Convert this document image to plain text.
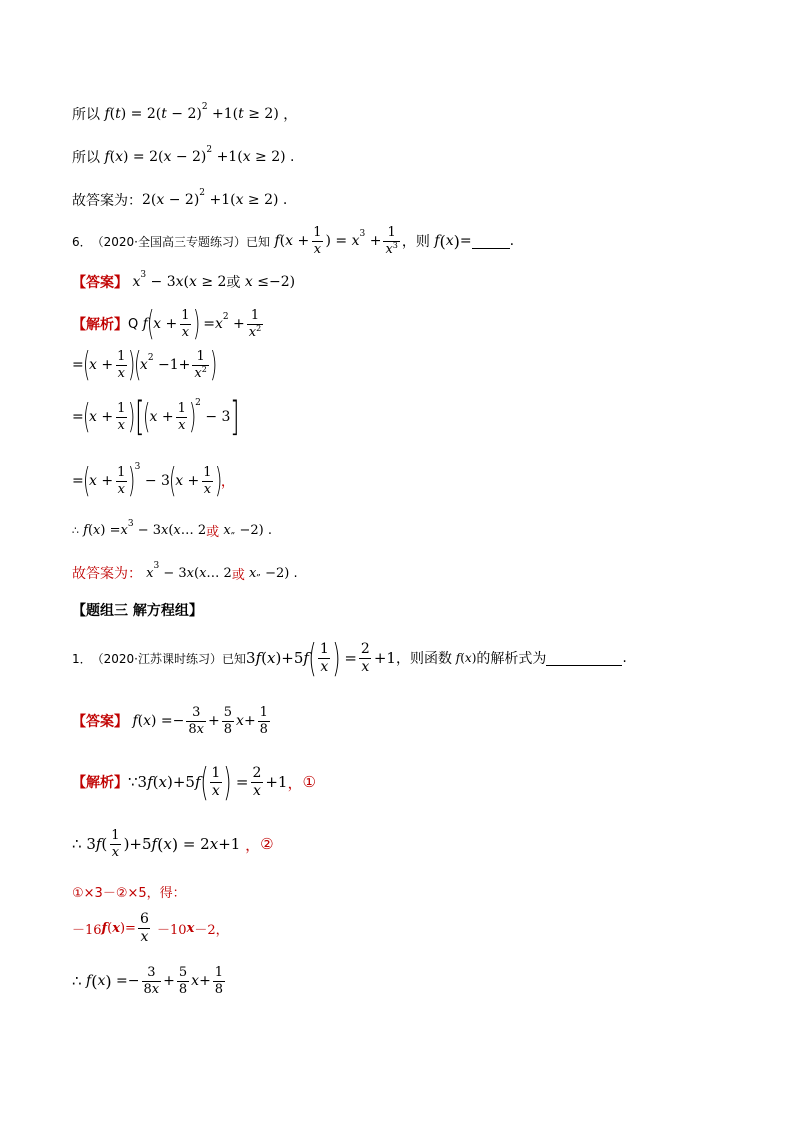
所以 f ( t ) = 2( t − 2) 2 +1( t ≥ 2) ，
所以 f ( x ) = 2( x − 2) 2 +1( x ≥ 2) .
故答案为： 2( x − 2) 2 +1( x ≥ 2) .
6． （2020·全国高三专题练习） 已知 f ( $x + \frac{1}{x}$ ) = x $3 + \frac{1}{x^3}$ ，则 f ( x ) =	.
【答案】 x 3 − 3 x ( x ≥ 2 或 x ≤−2)
【解析】 Q f
(
$x + \frac{1}{x}$ )
= x $2 + \frac{1}{x^2}$
=
(
$x + \frac{1}{x}$ )
(
x $2 -1+ \frac{1}{x^2}$ )
=
(
$x + \frac{1}{x}$ ) [ (
$x + \frac{1}{x}$ )
2
− 3 ]
=
(
$x + \frac{1}{x}$ )
3
− 3
(
$x + \frac{1}{x}$ )
，
∴ f ( x ) = x 3 − 3 x ( x … 2 或 x „ −2) .
故答案为： x 3 − 3 x ( x … 2 或 x „ −2) .
【题组三 解方程组】
1． （2020·江苏课时练习） 已知 3 f ( x )+5 f ( $\frac{1}{x}$ ) = $\frac{2}{x} +1$ ，则函数 f ( x ) 的解析式为	.
【答案】 f ( x ) =− $\frac{3}{8x} + \frac{5}{8}$ $x + \frac{1}{8}$
【解析】 ∵ 3 f ( x )+5 f ( $\frac{1}{x}$ ) = $\frac{2}{x} +1$ ， ①
∴ 3 f ( $\frac{1}{x} )+5$ f ( x ) = 2 x +1 ， ②
①×3－②×5，得：
－16 f ( x )= $\frac{6}{x} -10$ x －2，
∴ f ( x ) =− $\frac{3}{8x} + \frac{5}{8}$ $x + \frac{1}{8}$
